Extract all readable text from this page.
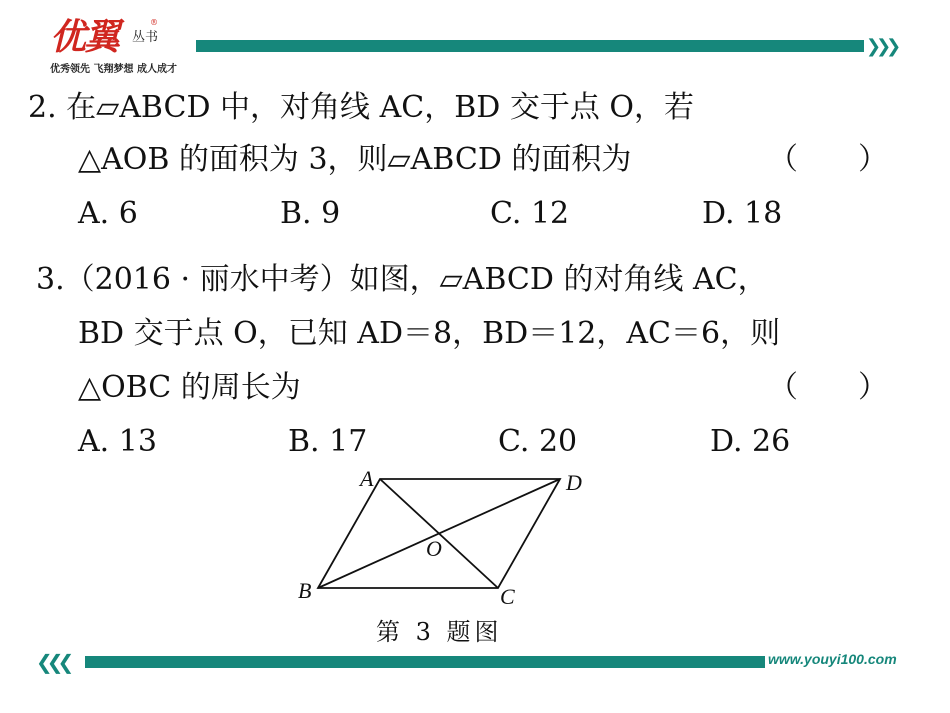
优翼	®
丛书
优秀领先 飞翔梦想 成人成才
❯❯❯
2. 在▱ABCD 中，对角线 AC，BD 交于点 O，若
△AOB 的面积为 3，则▱ABCD 的面积为	（　　）
A. 6	B. 9	C. 12	D. 18
3.（2016 · 丽水中考）如图，▱ABCD 的对角线 AC，
BD 交于点 O，已知 AD＝8，BD＝12，AC＝6，则
△OBC 的周长为	（　　）
A. 13	B. 17	C. 20	D. 26
A	D
B	C
O
第 3 题图
❮❮❮	www.youyi100.com
